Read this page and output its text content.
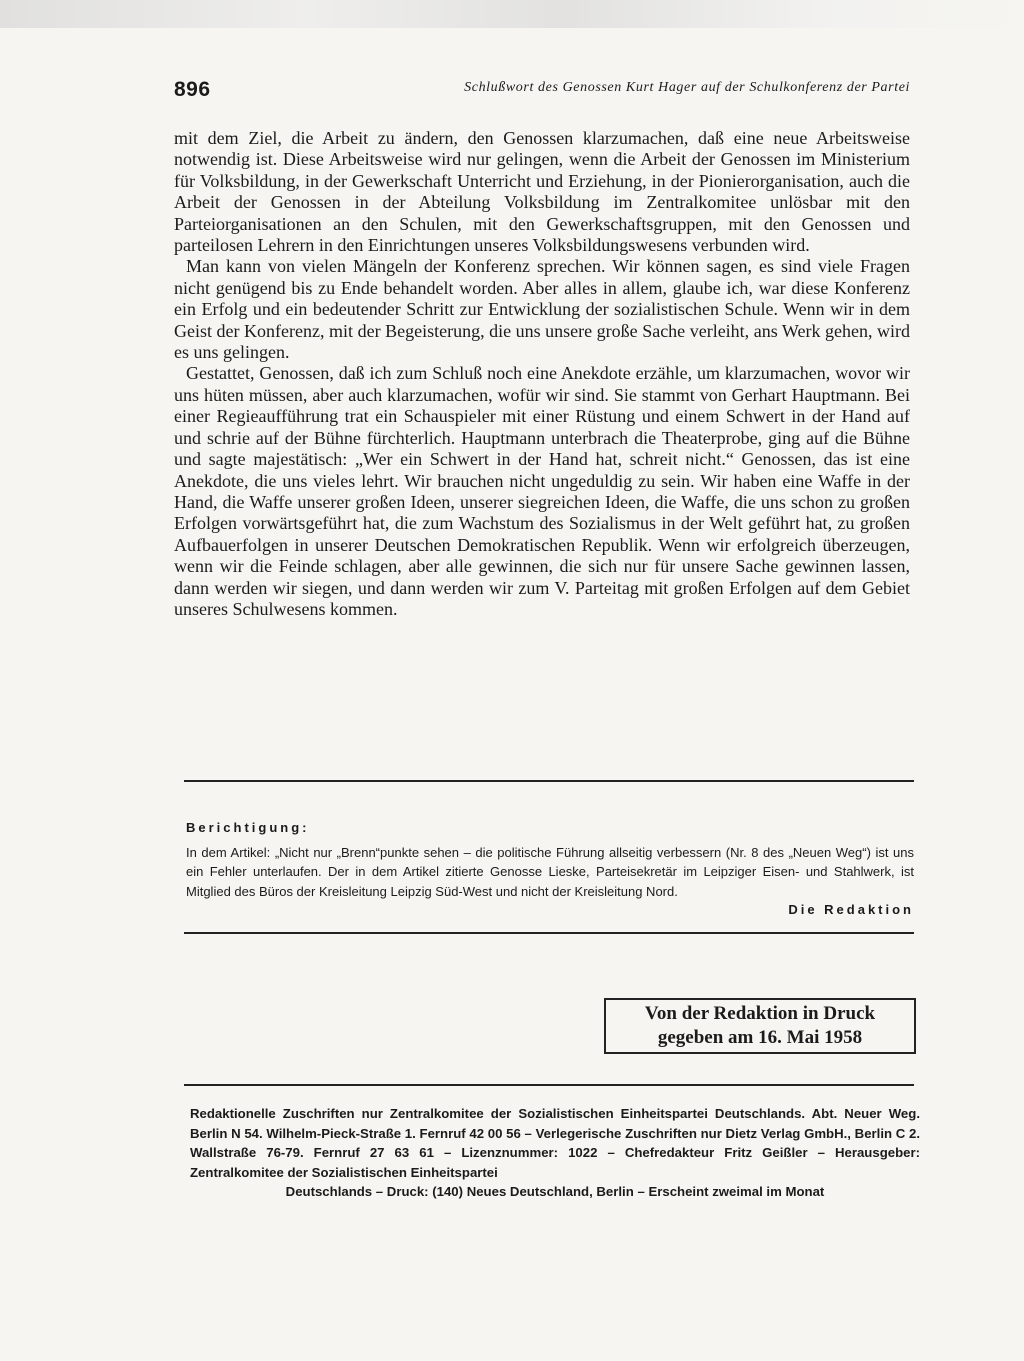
896	Schlußwort des Genossen Kurt Hager auf der Schulkonferenz der Partei

mit dem Ziel, die Arbeit zu ändern, den Genossen klarzumachen, daß eine neue Arbeitsweise notwendig ist. Diese Arbeitsweise wird nur gelingen, wenn die Arbeit der Genossen im Ministerium für Volksbildung, in der Gewerkschaft Unterricht und Erziehung, in der Pionierorganisation, auch die Arbeit der Genossen in der Abteilung Volksbildung im Zentralkomitee unlösbar mit den Parteiorganisationen an den Schulen, mit den Gewerkschaftsgruppen, mit den Genossen und parteilosen Lehrern in den Einrichtungen unseres Volksbildungswesens verbunden wird.

Man kann von vielen Mängeln der Konferenz sprechen. Wir können sagen, es sind viele Fragen nicht genügend bis zu Ende behandelt worden. Aber alles in allem, glaube ich, war diese Konferenz ein Erfolg und ein bedeutender Schritt zur Entwicklung der sozialistischen Schule. Wenn wir in dem Geist der Konferenz, mit der Begeisterung, die uns unsere große Sache verleiht, ans Werk gehen, wird es uns gelingen.

Gestattet, Genossen, daß ich zum Schluß noch eine Anekdote erzähle, um klarzumachen, wovor wir uns hüten müssen, aber auch klarzumachen, wofür wir sind. Sie stammt von Gerhart Hauptmann. Bei einer Regieaufführung trat ein Schauspieler mit einer Rüstung und einem Schwert in der Hand auf und schrie auf der Bühne fürchterlich. Hauptmann unterbrach die Theaterprobe, ging auf die Bühne und sagte majestätisch: „Wer ein Schwert in der Hand hat, schreit nicht.“ Genossen, das ist eine Anekdote, die uns vieles lehrt. Wir brauchen nicht ungeduldig zu sein. Wir haben eine Waffe in der Hand, die Waffe unserer großen Ideen, unserer siegreichen Ideen, die Waffe, die uns schon zu großen Erfolgen vorwärtsgeführt hat, die zum Wachstum des Sozialismus in der Welt geführt hat, zu großen Aufbauerfolgen in unserer Deutschen Demokratischen Republik. Wenn wir erfolgreich überzeugen, wenn wir die Feinde schlagen, aber alle gewinnen, die sich nur für unsere Sache gewinnen lassen, dann werden wir siegen, und dann werden wir zum V. Parteitag mit großen Erfolgen auf dem Gebiet unseres Schulwesens kommen.

Berichtigung:

In dem Artikel: „Nicht nur „Brenn“punkte sehen – die politische Führung allseitig verbessern (Nr. 8 des „Neuen Weg“) ist uns ein Fehler unterlaufen. Der in dem Artikel zitierte Genosse Lieske, Parteisekretär im Leipziger Eisen- und Stahlwerk, ist Mitglied des Büros der Kreisleitung Leipzig Süd-West und nicht der Kreisleitung Nord.

Die Redaktion
Von der Redaktion in Druck
gegeben am 16. Mai 1958

Redaktionelle Zuschriften nur Zentralkomitee der Sozialistischen Einheitspartei Deutschlands. Abt. Neuer Weg. Berlin N 54. Wilhelm-Pieck-Straße 1. Fernruf 42 00 56 – Verlegerische Zuschriften nur Dietz Verlag GmbH., Berlin C 2. Wallstraße 76-79. Fernruf 27 63 61 – Lizenznummer: 1022 – Chefredakteur Fritz Geißler – Herausgeber: Zentralkomitee der Sozialistischen Einheitspartei

Deutschlands – Druck: (140) Neues Deutschland, Berlin – Erscheint zweimal im Monat
